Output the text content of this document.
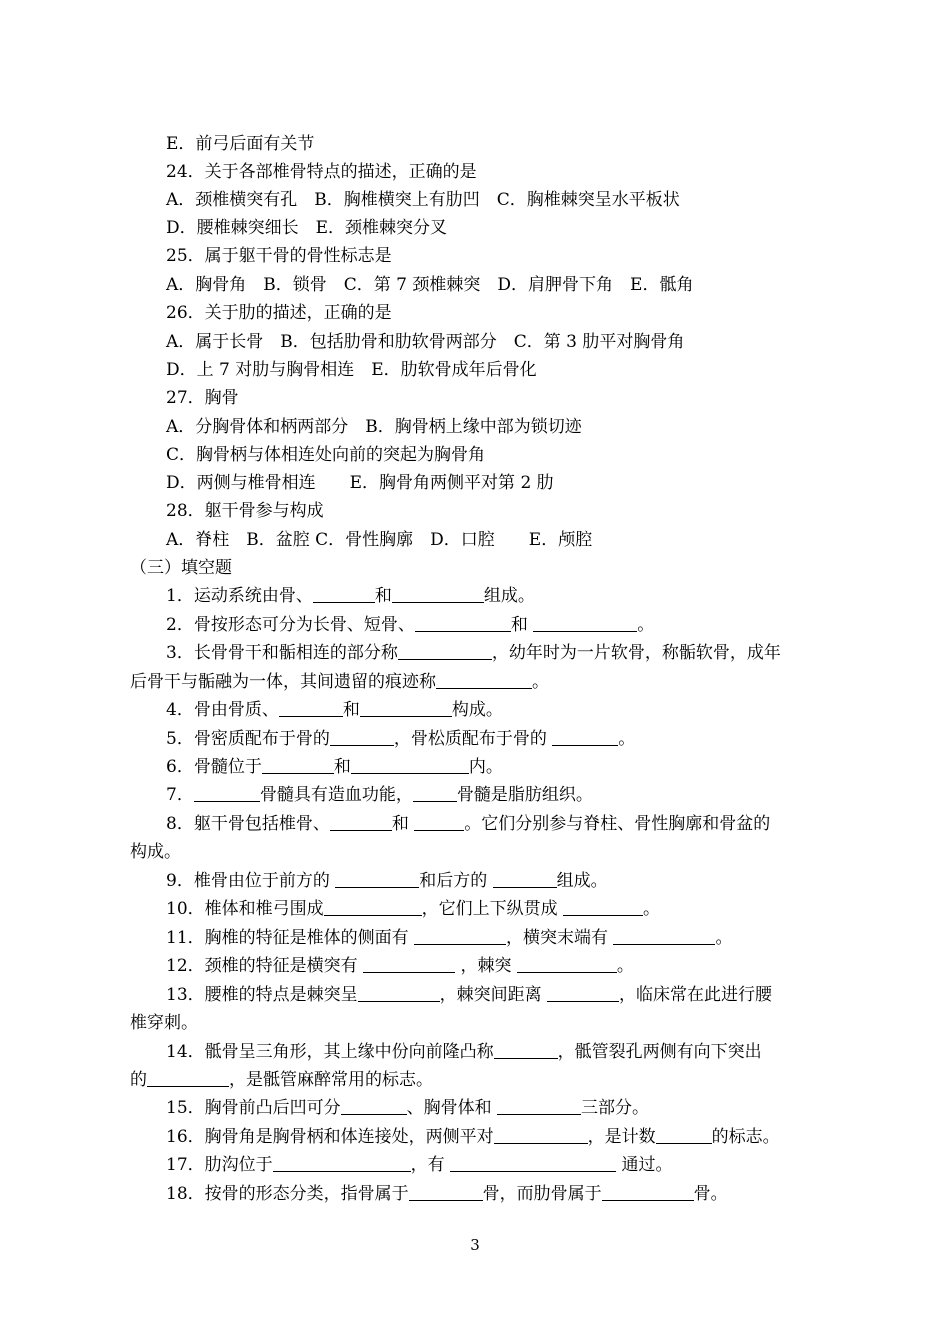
E．前弓后面有关节
24．关于各部椎骨特点的描述，正确的是
A．颈椎横突有孔　B．胸椎横突上有肋凹　C．胸椎棘突呈水平板状
D．腰椎棘突细长　E．颈椎棘突分叉
25．属于躯干骨的骨性标志是
A．胸骨角　B．锁骨　C．第 7 颈椎棘突　D．肩胛骨下角　E．骶角
26．关于肋的描述，正确的是
A．属于长骨　B．包括肋骨和肋软骨两部分　C．第 3 肋平对胸骨角
D．上 7 对肋与胸骨相连　E．肋软骨成年后骨化
27．胸骨
A．分胸骨体和柄两部分　B．胸骨柄上缘中部为锁切迹
C．胸骨柄与体相连处向前的突起为胸骨角
D．两侧与椎骨相连　　E．胸骨角两侧平对第 2 肋
28．躯干骨参与构成
A．脊柱　B．盆腔 C．骨性胸廓　D．口腔　　E．颅腔
（三）填空题
1．运动系统由骨、	和	组成。
2．骨按形态可分为长骨、短骨、	和	。
3．长骨骨干和骺相连的部分称	，幼年时为一片软骨，称骺软骨，成年
后骨干与骺融为一体，其间遗留的痕迹称	。
4．骨由骨质、	和	构成。
5．骨密质配布于骨的	，骨松质配布于骨的	。
6．骨髓位于	和	内。
7．	骨髓具有造血功能，	骨髓是脂肪组织。
8．躯干骨包括椎骨、	和	。它们分别参与脊柱、骨性胸廓和骨盆的
构成。
9．椎骨由位于前方的	和后方的	组成。
10．椎体和椎弓围成	，它们上下纵贯成	。
11．胸椎的特征是椎体的侧面有	，横突末端有	。
12．颈椎的特征是横突有	，棘突	。
13．腰椎的特点是棘突呈	，棘突间距离	，临床常在此进行腰
椎穿刺。
14．骶骨呈三角形，其上缘中份向前隆凸称	，骶管裂孔两侧有向下突出
的	，是骶管麻醉常用的标志。
15．胸骨前凸后凹可分	、胸骨体和	三部分。
16．胸骨角是胸骨柄和体连接处，两侧平对	，是计数	的标志。
17．肋沟位于	，有	通过。
18．按骨的形态分类，指骨属于	骨，而肋骨属于	骨。
3
